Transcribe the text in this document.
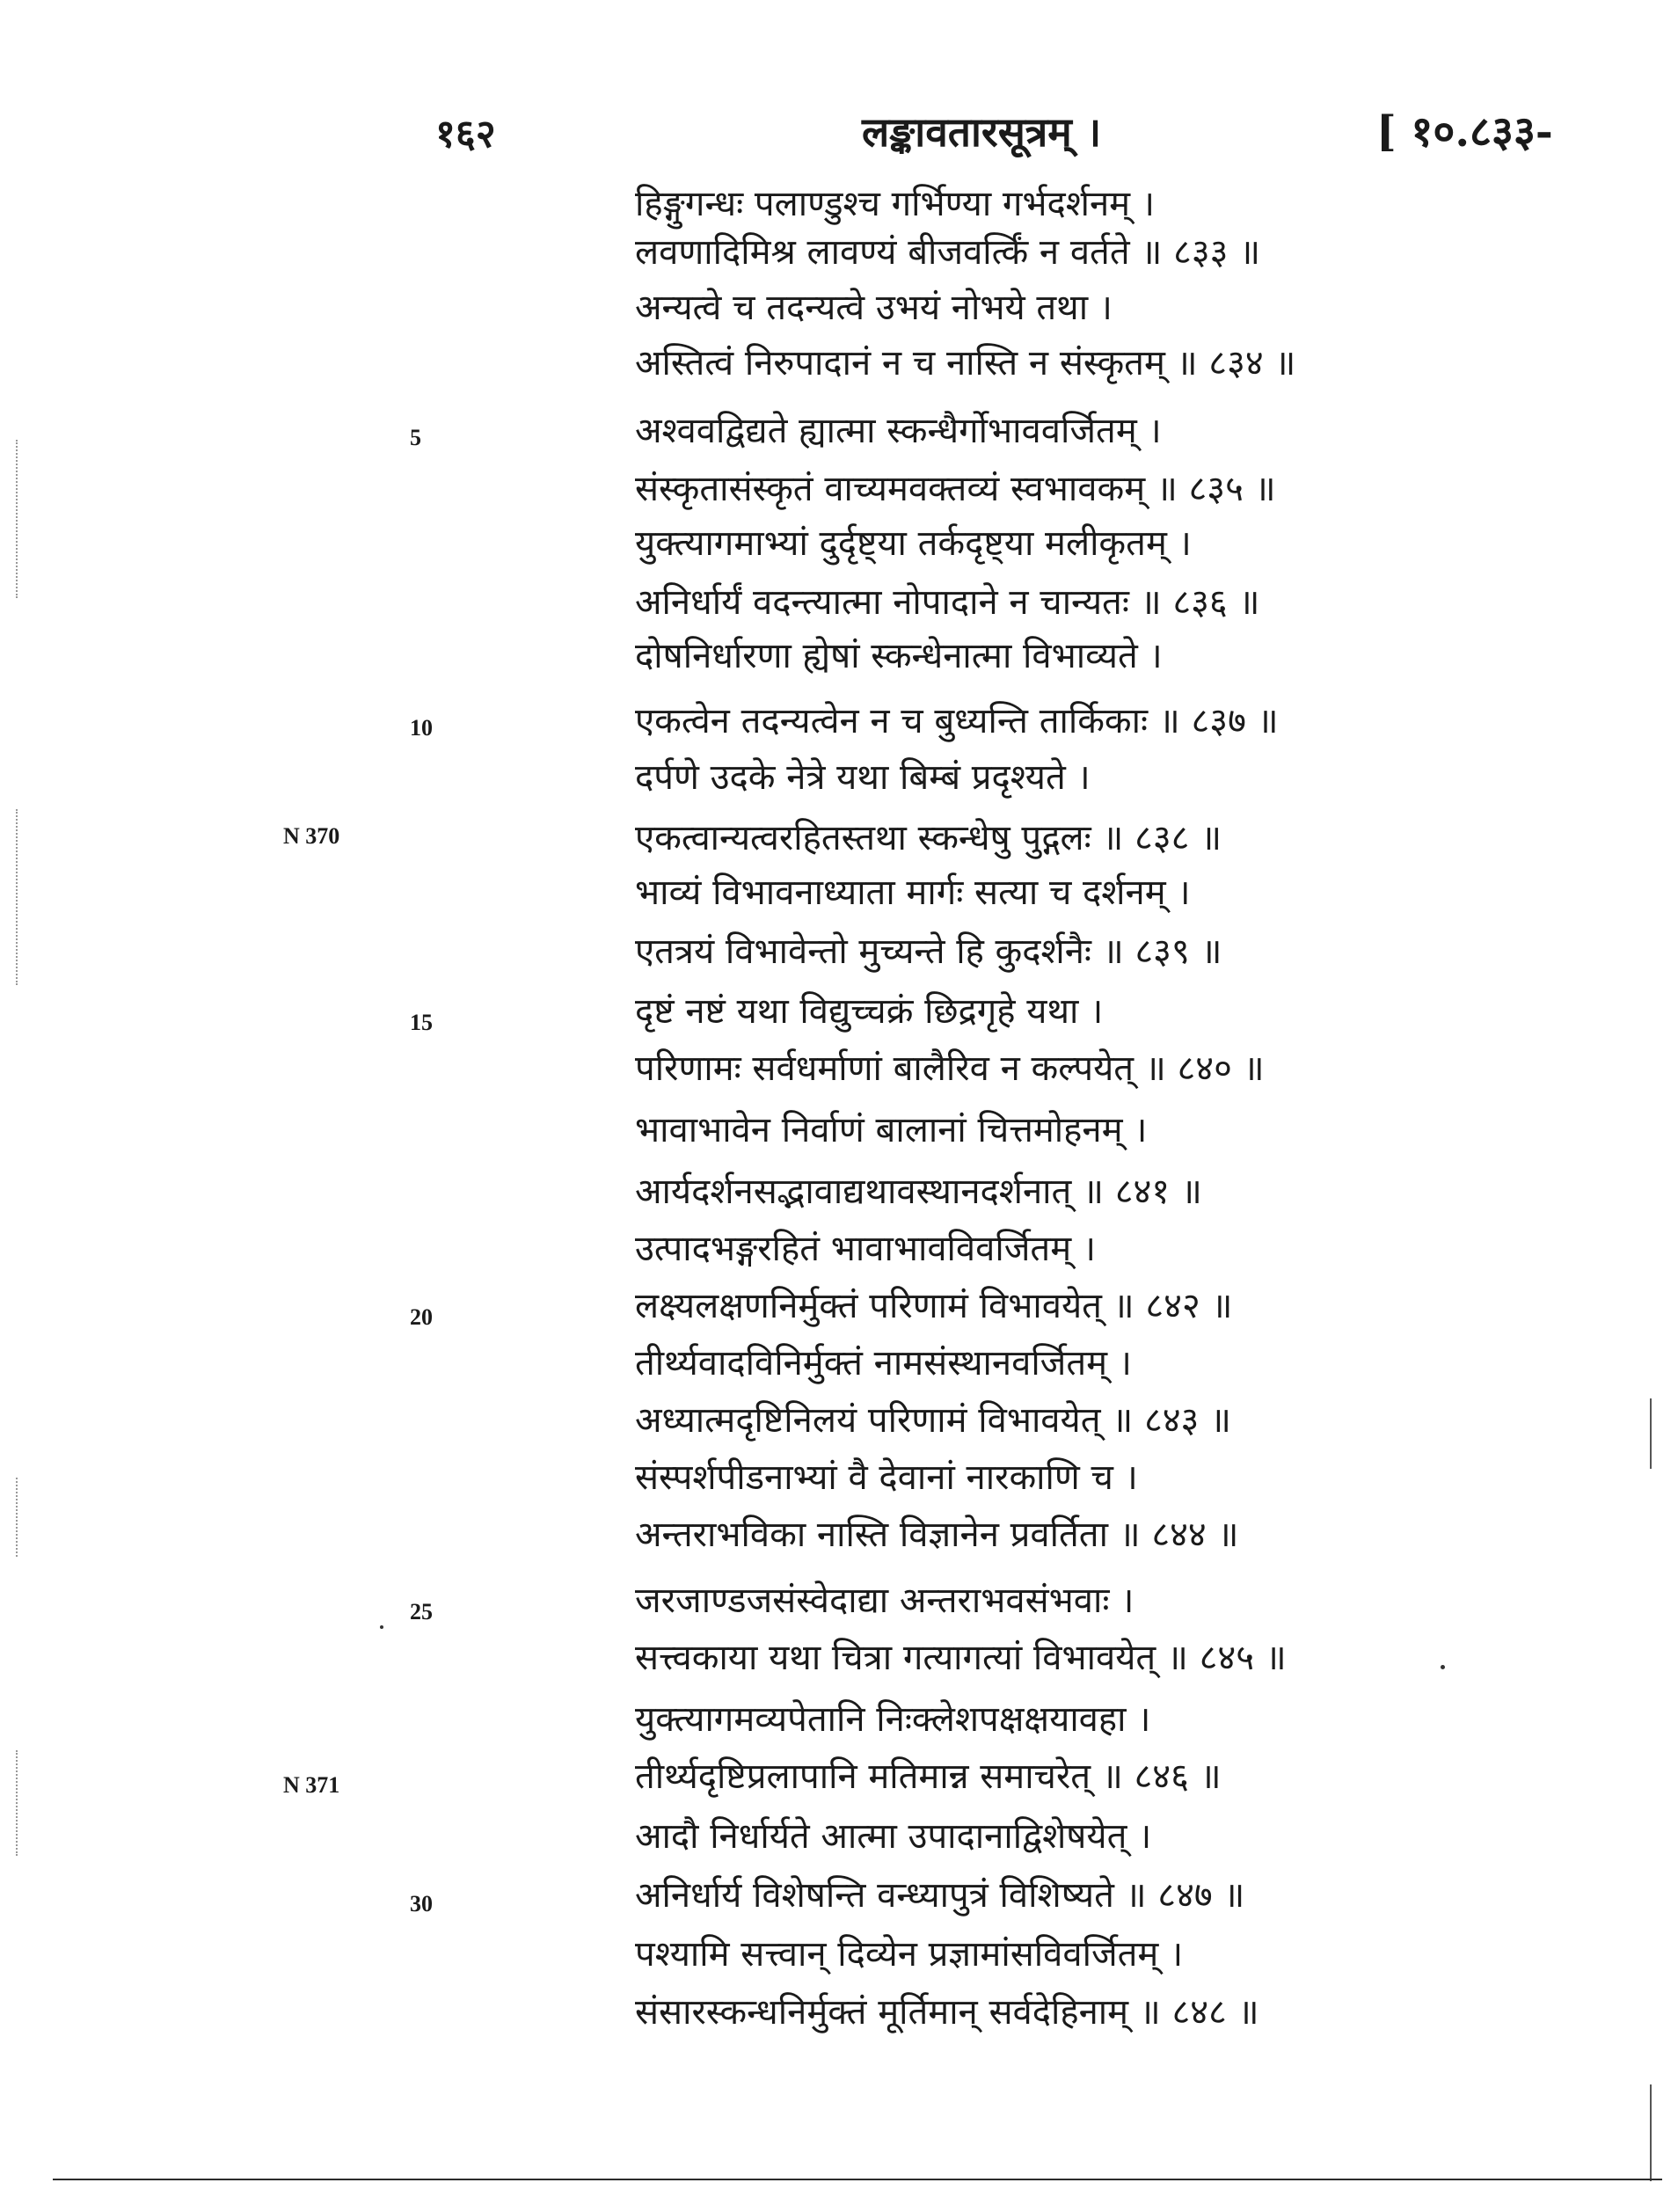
१६२	लङ्कावतारसूत्रम् ।	[ १०.८३३-
हिङ्गुगन्धः पलाण्डुश्च गर्भिण्या गर्भदर्शनम् ।
लवणादिमिश्र लावण्यं बीजवर्त्किं न वर्तते ॥ ८३३ ॥
अन्यत्वे च तदन्यत्वे उभयं नोभये तथा ।
अस्तित्वं निरुपादानं न च नास्ति न संस्कृतम् ॥ ८३४ ॥
अश्ववद्विद्यते ह्यात्मा स्कन्धैर्गोभाववर्जितम् ।
संस्कृतासंस्कृतं वाच्यमवक्तव्यं स्वभावकम् ॥ ८३५ ॥
युक्त्यागमाभ्यां दुर्दृष्ट्या तर्कदृष्ट्या मलीकृतम् ।
अनिर्धार्यं वदन्त्यात्मा नोपादाने न चान्यतः ॥ ८३६ ॥
दोषनिर्धारणा ह्येषां स्कन्धेनात्मा विभाव्यते ।
एकत्वेन तदन्यत्वेन न च बुध्यन्ति तार्किकाः ॥ ८३७ ॥
दर्पणे उदके नेत्रे यथा बिम्बं प्रदृश्यते ।
एकत्वान्यत्वरहितस्तथा स्कन्धेषु पुद्गलः ॥ ८३८ ॥
भाव्यं विभावनाध्याता मार्गः सत्या च दर्शनम् ।
एतत्रयं विभावेन्तो मुच्यन्ते हि कुदर्शनैः ॥ ८३९ ॥
दृष्टं नष्टं यथा विद्युच्चक्रं छिद्रगृहे यथा ।
परिणामः सर्वधर्माणां बालैरिव न कल्पयेत् ॥ ८४० ॥
भावाभावेन निर्वाणं बालानां चित्तमोहनम् ।
आर्यदर्शनसद्भावाद्यथावस्थानदर्शनात् ॥ ८४१ ॥
उत्पादभङ्गरहितं भावाभावविवर्जितम् ।
लक्ष्यलक्षणनिर्मुक्तं परिणामं विभावयेत् ॥ ८४२ ॥
तीर्थ्यवादविनिर्मुक्तं नामसंस्थानवर्जितम् ।
अध्यात्मदृष्टिनिलयं परिणामं विभावयेत् ॥ ८४३ ॥
संस्पर्शपीडनाभ्यां वै देवानां नारकाणि च ।
अन्तराभविका नास्ति विज्ञानेन प्रवर्तिता ॥ ८४४ ॥
जरजाण्डजसंस्वेदाद्या अन्तराभवसंभवाः ।
सत्त्वकाया यथा चित्रा गत्यागत्यां विभावयेत् ॥ ८४५ ॥
युक्त्यागमव्यपेतानि निःक्लेशपक्षक्षयावहा ।
तीर्थ्यदृष्टिप्रलापानि मतिमान्न समाचरेत् ॥ ८४६ ॥
आदौ निर्धार्यते आत्मा उपादानाद्विशेषयेत् ।
अनिर्धार्य विशेषन्ति वन्ध्यापुत्रं विशिष्यते ॥ ८४७ ॥
पश्यामि सत्त्वान् दिव्येन प्रज्ञामांसविवर्जितम् ।
संसारस्कन्धनिर्मुक्तं मूर्तिमान् सर्वदेहिनाम् ॥ ८४८ ॥
5
10
15
20
25
30
N 370
N 371
